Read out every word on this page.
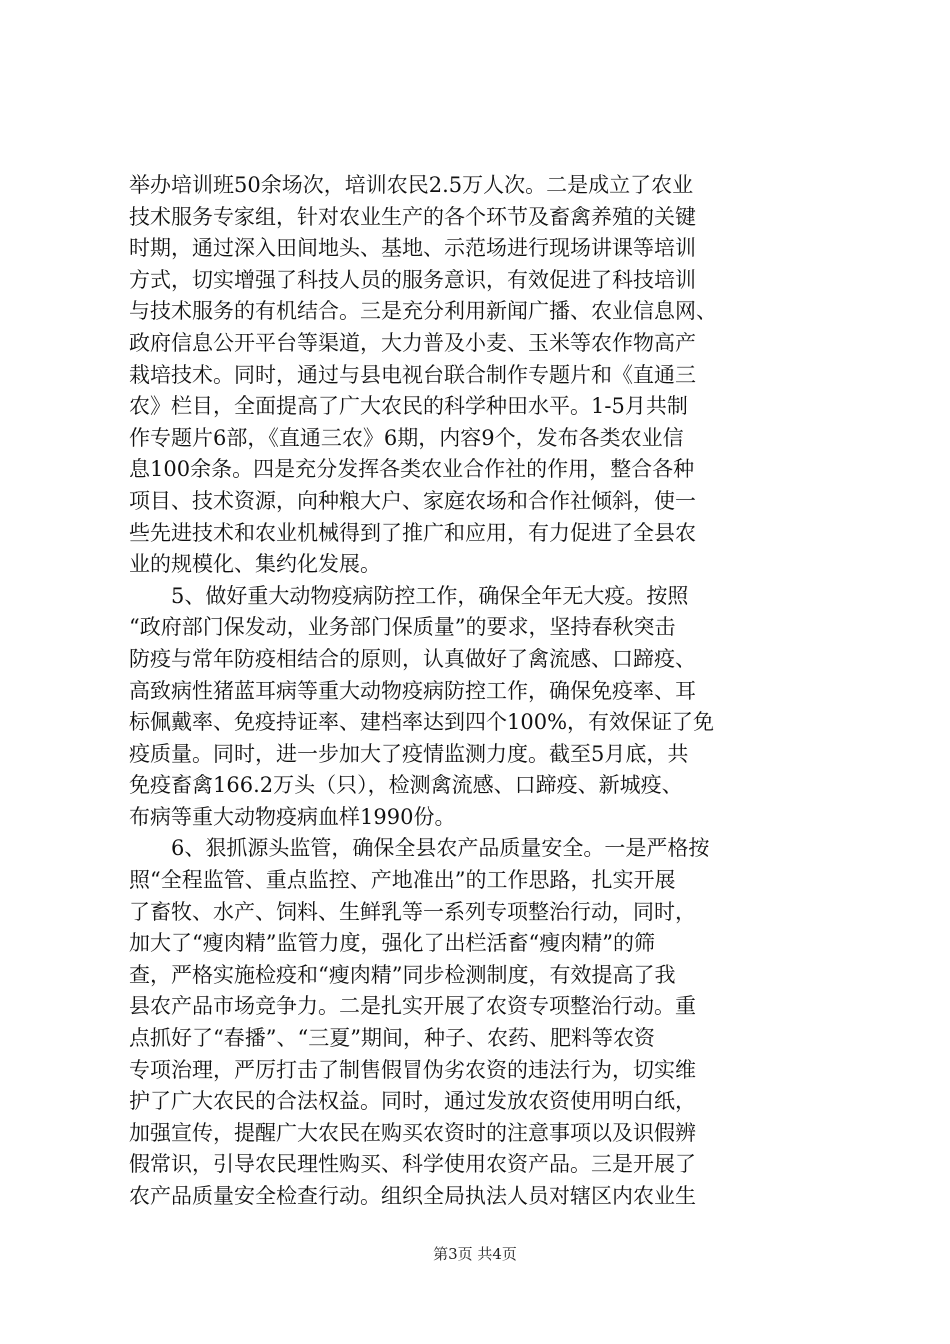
举办培训班50余场次，培训农民2.5万人次。二是成立了农业
技术服务专家组，针对农业生产的各个环节及畜禽养殖的关键
时期，通过深入田间地头、基地、示范场进行现场讲课等培训
方式，切实增强了科技人员的服务意识，有效促进了科技培训
与技术服务的有机结合。三是充分利用新闻广播、农业信息网、
政府信息公开平台等渠道，大力普及小麦、玉米等农作物高产
栽培技术。同时，通过与县电视台联合制作专题片和《直通三
农》栏目，全面提高了广大农民的科学种田水平。1-5月共制
作专题片6部，《直通三农》6期，内容9个，发布各类农业信
息100余条。四是充分发挥各类农业合作社的作用，整合各种
项目、技术资源，向种粮大户、家庭农场和合作社倾斜，使一
些先进技术和农业机械得到了推广和应用，有力促进了全县农
业的规模化、集约化发展。
　　5、做好重大动物疫病防控工作，确保全年无大疫。按照
“政府部门保发动，业务部门保质量”的要求，坚持春秋突击
防疫与常年防疫相结合的原则，认真做好了禽流感、口蹄疫、
高致病性猪蓝耳病等重大动物疫病防控工作，确保免疫率、耳
标佩戴率、免疫持证率、建档率达到四个100%，有效保证了免
疫质量。同时，进一步加大了疫情监测力度。截至5月底，共
免疫畜禽166.2万头（只），检测禽流感、口蹄疫、新城疫、
布病等重大动物疫病血样1990份。
　　6、狠抓源头监管，确保全县农产品质量安全。一是严格按
照“全程监管、重点监控、产地准出”的工作思路，扎实开展
了畜牧、水产、饲料、生鲜乳等一系列专项整治行动，同时，
加大了“瘦肉精”监管力度，强化了出栏活畜“瘦肉精”的筛
查，严格实施检疫和“瘦肉精”同步检测制度，有效提高了我
县农产品市场竞争力。二是扎实开展了农资专项整治行动。重
点抓好了“春播”、“三夏”期间，种子、农药、肥料等农资
专项治理，严厉打击了制售假冒伪劣农资的违法行为，切实维
护了广大农民的合法权益。同时，通过发放农资使用明白纸，
加强宣传，提醒广大农民在购买农资时的注意事项以及识假辨
假常识，引导农民理性购买、科学使用农资产品。三是开展了
农产品质量安全检查行动。组织全局执法人员对辖区内农业生
第3页 共4页
